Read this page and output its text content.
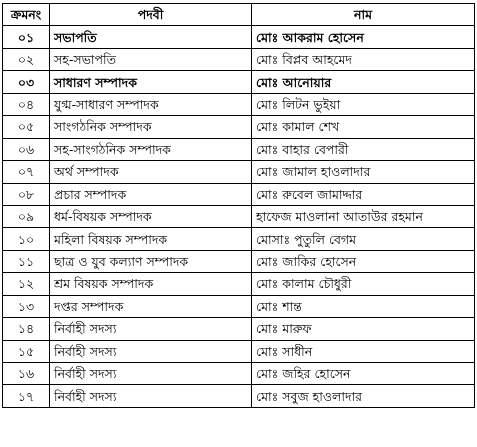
ক্রমনং	পদবী	নাম
০১	সভাপতি	মোঃ আকরাম হোসেন
০২	সহ-সভাপতি	মোঃ বিপ্লব আহমেদ
০৩	সাধারণ সম্পাদক	মোঃ আনোয়ার
০৪	যুগ্ম-সাধারণ সম্পাদক	মোঃ লিটন ভুইয়া
০৫	সাংগঠনিক সম্পাদক	মোঃ কামাল শেখ
০৬	সহ-সাংগঠনিক সম্পাদক	মোঃ বাহার বেপারী
০৭	অর্থ সম্পাদক	মোঃ জামাল হাওলাদার
০৮	প্রচার সম্পাদক	মোঃ রুবেল জামাদ্দার
০৯	ধর্ম-বিষয়ক সম্পাদক	হাফেজ মাওলানা আতাউর রহমান
১০	মহিলা বিষয়ক সম্পাদক	মোসাঃ পুতুলি বেগম
১১	ছাত্র ও যুব কল্যাণ সম্পাদক	মোঃ জাকির হোসেন
১২	শ্রম বিষয়ক সম্পাদক	মোঃ কালাম চৌধুরী
১৩	দপ্তর সম্পাদক	মোঃ শান্ত
১৪	নির্বাহী সদস্য	মোঃ মারুফ
১৫	নির্বাহী সদস্য	মোঃ সাধীন
১৬	নির্বাহী সদস্য	মোঃ জহির হোসেন
১৭	নির্বাহী সদস্য	মোঃ সবুজ হাওলাদার
